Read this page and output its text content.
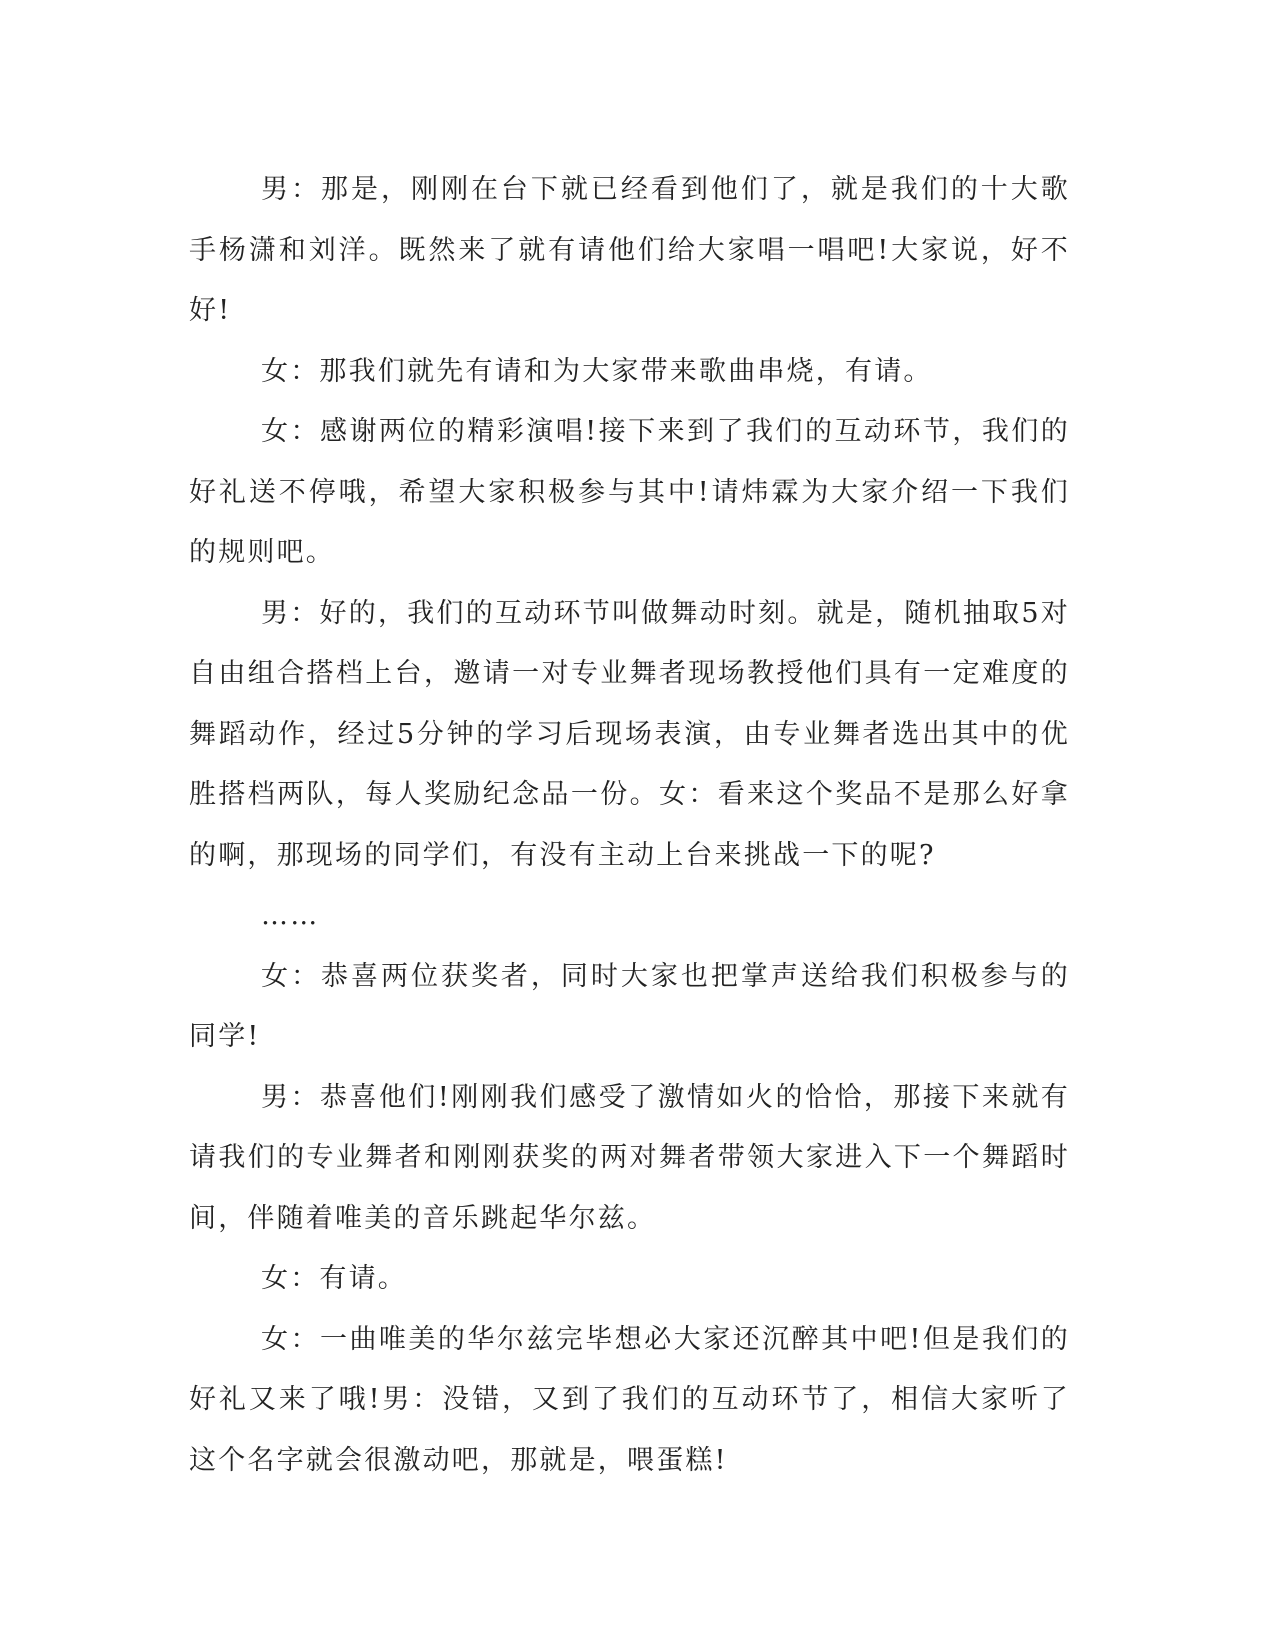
男：那是，刚刚在台下就已经看到他们了，就是我们的十大歌手杨潇和刘洋。既然来了就有请他们给大家唱一唱吧!大家说，好不好!

女：那我们就先有请和为大家带来歌曲串烧，有请。

女：感谢两位的精彩演唱!接下来到了我们的互动环节，我们的好礼送不停哦，希望大家积极参与其中!请炜霖为大家介绍一下我们的规则吧。

男：好的，我们的互动环节叫做舞动时刻。就是，随机抽取5对自由组合搭档上台，邀请一对专业舞者现场教授他们具有一定难度的舞蹈动作，经过5分钟的学习后现场表演，由专业舞者选出其中的优胜搭档两队，每人奖励纪念品一份。女：看来这个奖品不是那么好拿的啊，那现场的同学们，有没有主动上台来挑战一下的呢?

……

女：恭喜两位获奖者，同时大家也把掌声送给我们积极参与的同学!

男：恭喜他们!刚刚我们感受了激情如火的恰恰，那接下来就有请我们的专业舞者和刚刚获奖的两对舞者带领大家进入下一个舞蹈时间，伴随着唯美的音乐跳起华尔兹。

女：有请。

女：一曲唯美的华尔兹完毕想必大家还沉醉其中吧!但是我们的好礼又来了哦!男：没错，又到了我们的互动环节了，相信大家听了这个名字就会很激动吧，那就是，喂蛋糕!
